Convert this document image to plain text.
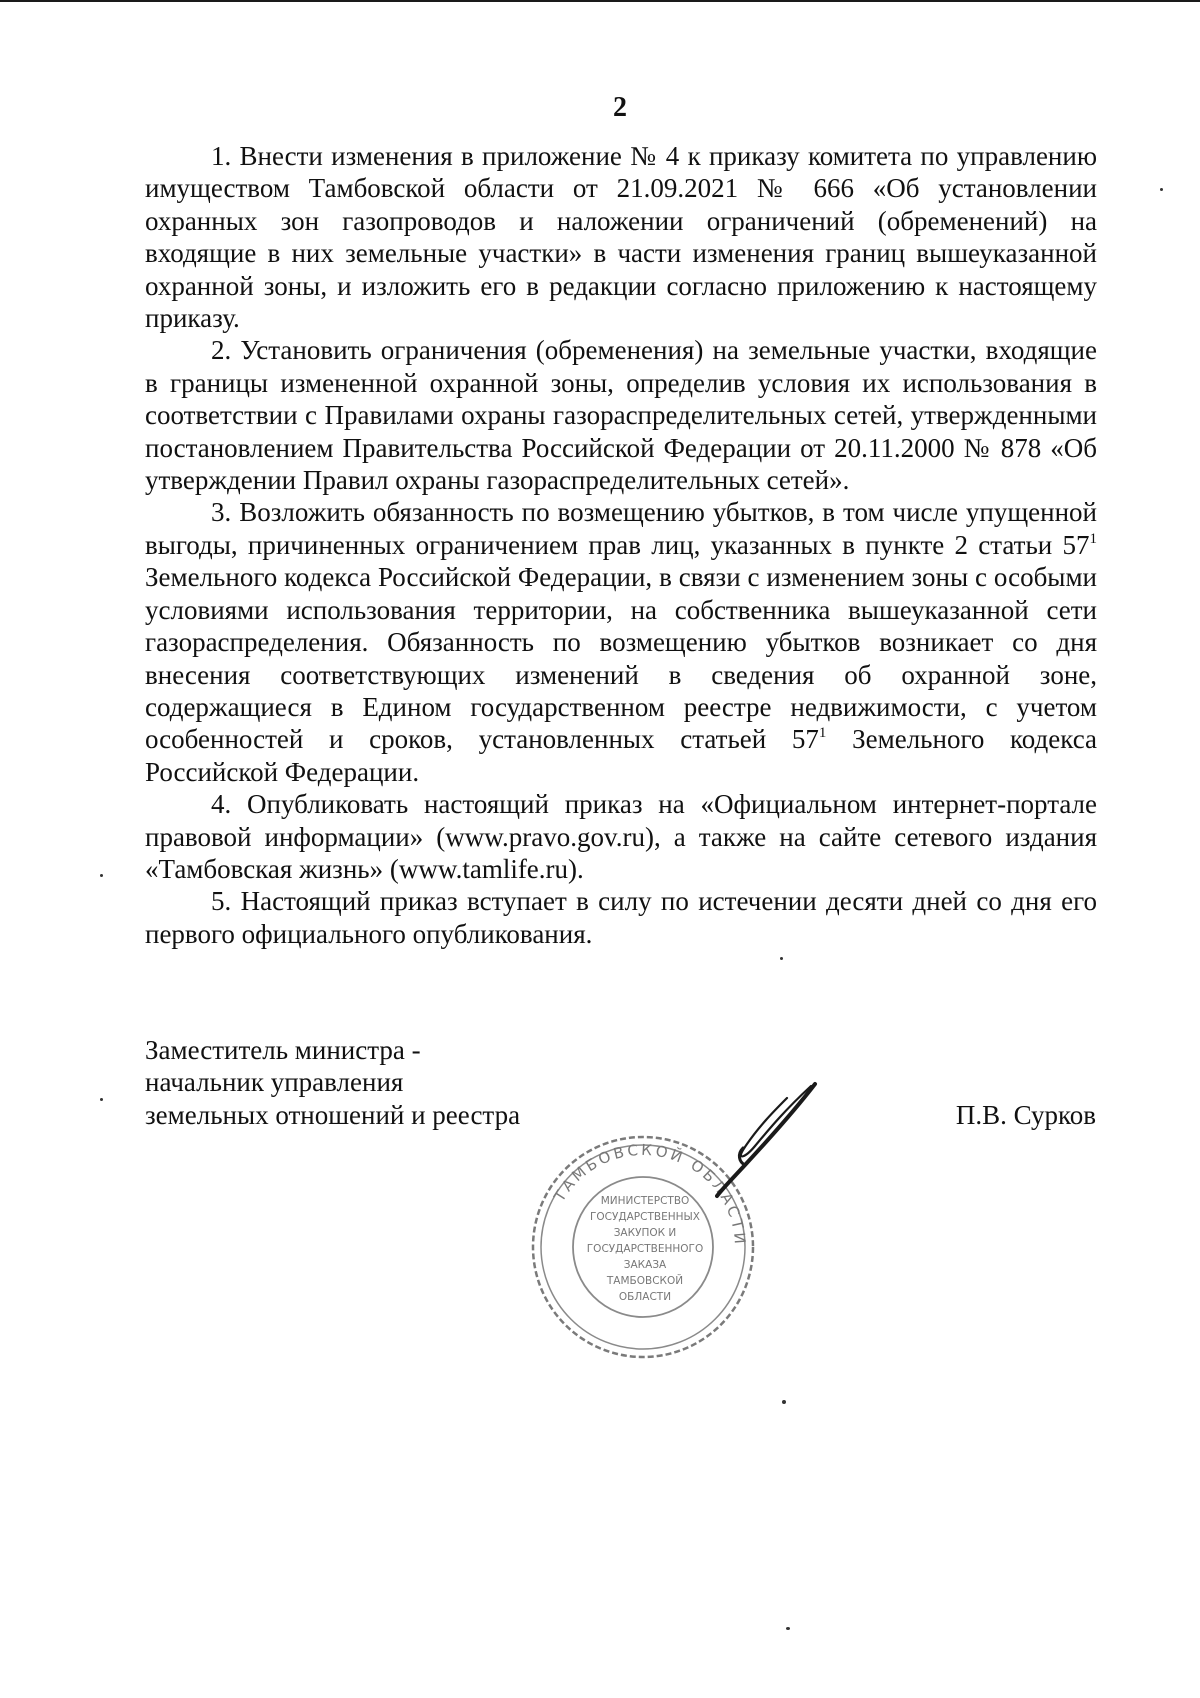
2

1. Внести изменения в приложение № 4 к приказу комитета по управлению имуществом Тамбовской области от 21.09.2021 № 666 «Об установлении охранных зон газопроводов и наложении ограничений (обременений) на входящие в них земельные участки» в части изменения границ вышеуказанной охранной зоны, и изложить его в редакции согласно приложению к настоящему приказу.

2. Установить ограничения (обременения) на земельные участки, входящие в границы измененной охранной зоны, определив условия их использования в соответствии с Правилами охраны газораспределительных сетей, утвержденными постановлением Правительства Российской Федерации от 20.11.2000 № 878 «Об утверждении Правил охраны газораспределительных сетей».

3. Возложить обязанность по возмещению убытков, в том числе упущенной выгоды, причиненных ограничением прав лиц, указанных в пункте 2 статьи $57^1$ Земельного кодекса Российской Федерации, в связи с изменением зоны с особыми условиями использования территории, на собственника вышеуказанной сети газораспределения. Обязанность по возмещению убытков возникает со дня внесения соответствующих изменений в сведения об охранной зоне, содержащиеся в Едином государственном реестре недвижимости, с учетом особенностей и сроков, установленных статьей $57^1$ Земельного кодекса Российской Федерации.

4. Опубликовать настоящий приказ на «Официальном интернет-портале правовой информации» (www.pravo.gov.ru), а также на сайте сетевого издания «Тамбовская жизнь» (www.tamlife.ru).

5. Настоящий приказ вступает в силу по истечении десяти дней со дня его первого официального опубликования.

Заместитель министра -
начальник управления
земельных отношений и реестра	П.В. Сурков
ТАМБОВСКОЙ ОБЛАСТИ
МИНИСТЕРСТВО
ГОСУДАРСТВЕННЫХ
ЗАКУПОК И
ГОСУДАРСТВЕННОГО
ЗАКАЗА
ТАМБОВСКОЙ
ОБЛАСТИ
